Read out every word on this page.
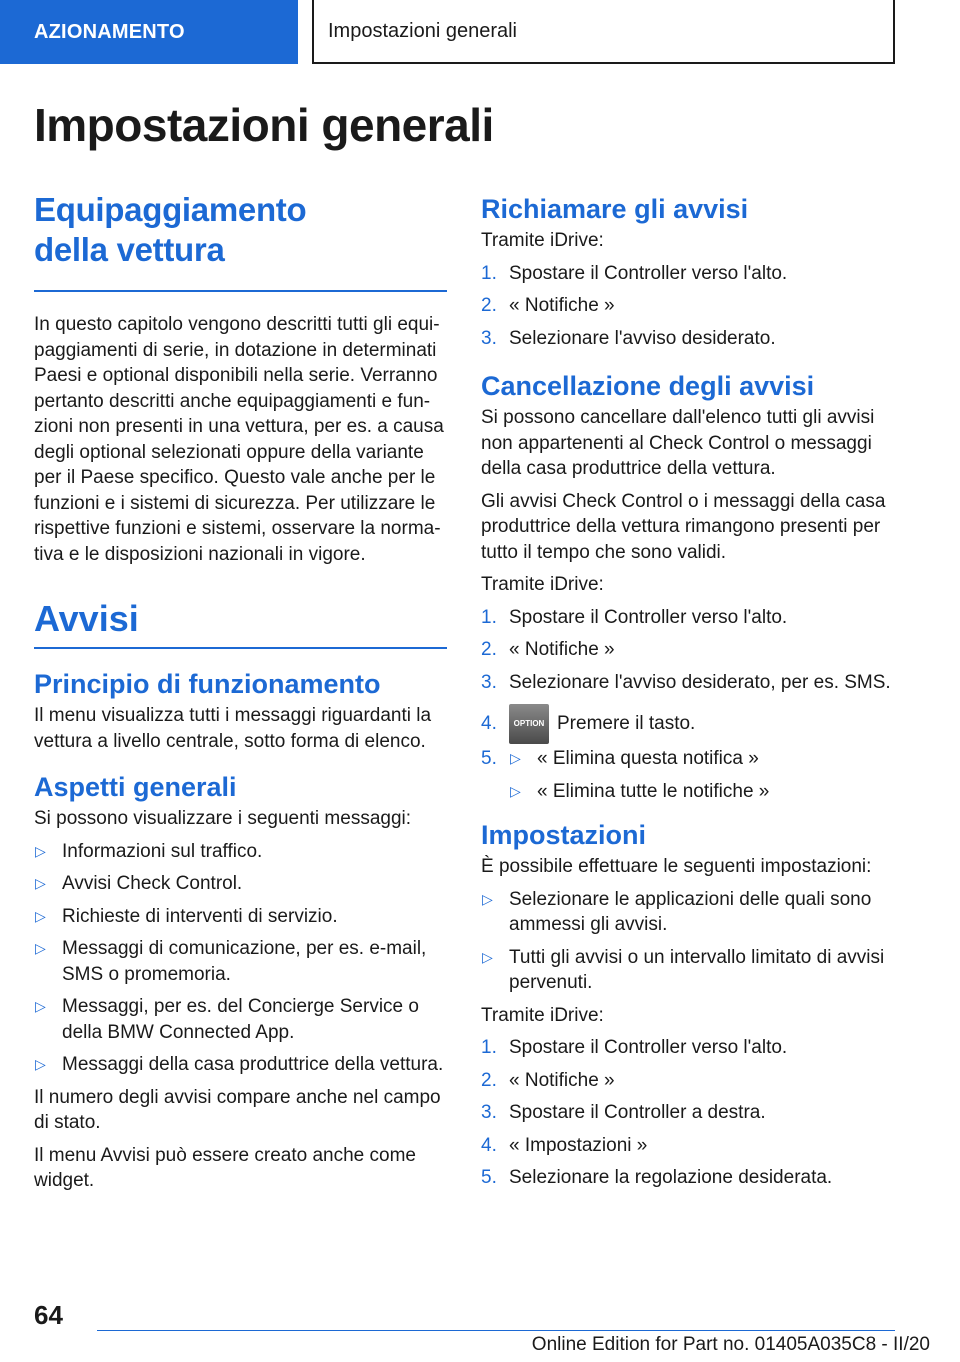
AZIONAMENTO	Impostazioni generali
Impostazioni generali
Equipaggiamento della vettura

In questo capitolo vengono descritti tutti gli equipaggiamenti di serie, in dotazione in determinati Paesi e optional disponibili nella serie. Verranno pertanto descritti anche equipaggiamenti e funzioni non presenti in una vettura, per es. a causa degli optional selezionati oppure della variante per il Paese specifico. Questo vale anche per le funzioni e i sistemi di sicurezza. Per utilizzare le rispettive funzioni e sistemi, osservare la normativa e le disposizioni nazionali in vigore.

Avvisi
Principio di funzionamento

Il menu visualizza tutti i messaggi riguardanti la vettura a livello centrale, sotto forma di elenco.

Aspetti generali

Si possono visualizzare i seguenti messaggi:

▷ Informazioni sul traffico.
▷ Avvisi Check Control.
▷ Richieste di interventi di servizio.
▷ Messaggi di comunicazione, per es. e-mail, SMS o promemoria.
▷ Messaggi, per es. del Concierge Service o della BMW Connected App.
▷ Messaggi della casa produttrice della vettura.

Il numero degli avvisi compare anche nel campo di stato.

Il menu Avvisi può essere creato anche come widget.

Richiamare gli avvisi

Tramite iDrive:

1. Spostare il Controller verso l'alto.
2. « Notifiche »
3. Selezionare l'avviso desiderato.
Cancellazione degli avvisi

Si possono cancellare dall'elenco tutti gli avvisi non appartenenti al Check Control o messaggi della casa produttrice della vettura.

Gli avvisi Check Control o i messaggi della casa produttrice della vettura rimangono presenti per tutto il tempo che sono validi.

Tramite iDrive:

1. Spostare il Controller verso l'alto.
2. « Notifiche »
3. Selezionare l'avviso desiderato, per es. SMS.
4. OPTION Premere il tasto.
5. ▷ « Elimina questa notifica »
▷ « Elimina tutte le notifiche »
Impostazioni

È possibile effettuare le seguenti impostazioni:

▷ Selezionare le applicazioni delle quali sono ammessi gli avvisi.
▷ Tutti gli avvisi o un intervallo limitato di avvisi pervenuti.

Tramite iDrive:

1. Spostare il Controller verso l'alto.
2. « Notifiche »
3. Spostare il Controller a destra.
4. « Impostazioni »
5. Selezionare la regolazione desiderata.
64
Online Edition for Part no. 01405A035C8 - II/20
